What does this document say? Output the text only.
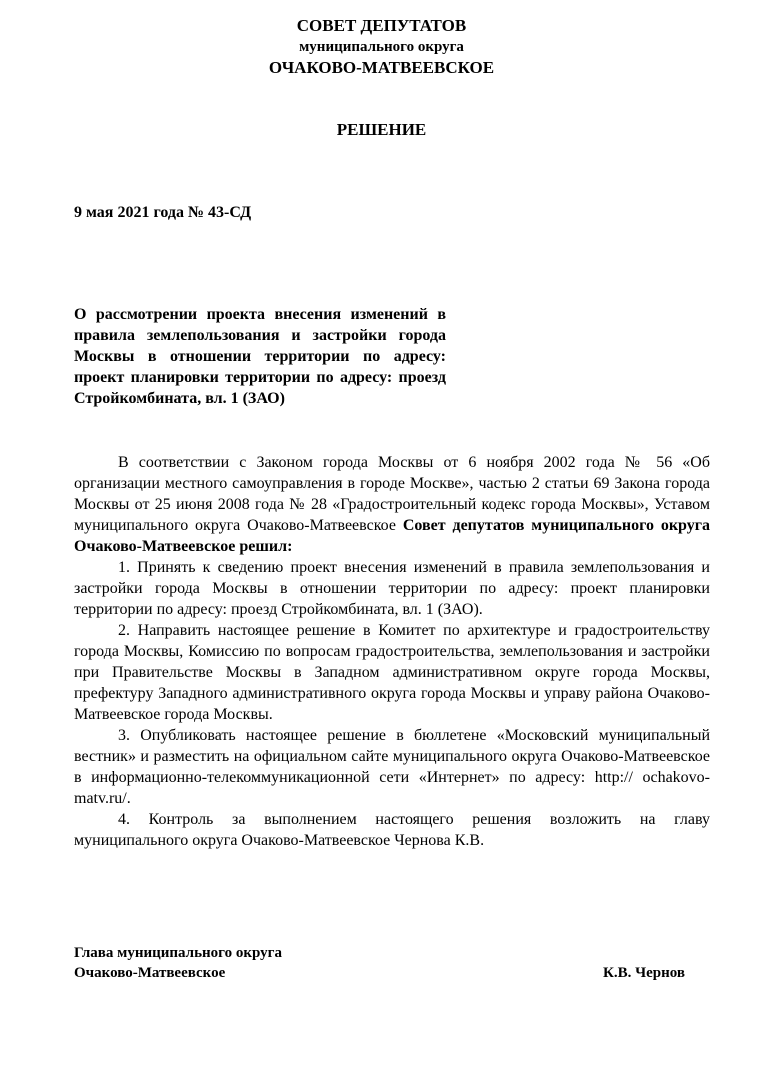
СОВЕТ ДЕПУТАТОВ
муниципального округа
ОЧАКОВО-МАТВЕЕВСКОЕ
РЕШЕНИЕ
9 мая 2021 года № 43-СД
О рассмотрении проекта внесения изменений в правила землепользования и застройки города Москвы в отношении территории по адресу: проект планировки территории по адресу: проезд Стройкомбината, вл. 1 (ЗАО)

В соответствии с Законом города Москвы от 6 ноября 2002 года № 56 «Об организации местного самоуправления в городе Москве», частью 2 статьи 69 Закона города Москвы от 25 июня 2008 года № 28 «Градостроительный кодекс города Москвы», Уставом муниципального округа Очаково-Матвеевское Совет депутатов муниципального округа Очаково-Матвеевское решил:

1. Принять к сведению проект внесения изменений в правила землепользования и застройки города Москвы в отношении территории по адресу: проект планировки территории по адресу: проезд Стройкомбината, вл. 1 (ЗАО).

2. Направить настоящее решение в Комитет по архитектуре и градостроительству города Москвы, Комиссию по вопросам градостроительства, землепользования и застройки при Правительстве Москвы в Западном административном округе города Москвы, префектуру Западного административного округа города Москвы и управу района Очаково-Матвеевское города Москвы.

3. Опубликовать настоящее решение в бюллетене «Московский муниципальный вестник» и разместить на официальном сайте муниципального округа Очаково-Матвеевское в информационно-телекоммуникационной сети «Интернет» по адресу: http:// ochakovo-matv.ru/.

4. Контроль за выполнением настоящего решения возложить на главу муниципального округа Очаково-Матвеевское Чернова К.В.

Глава муниципального округа
Очаково-Матвеевское	К.В. Чернов
